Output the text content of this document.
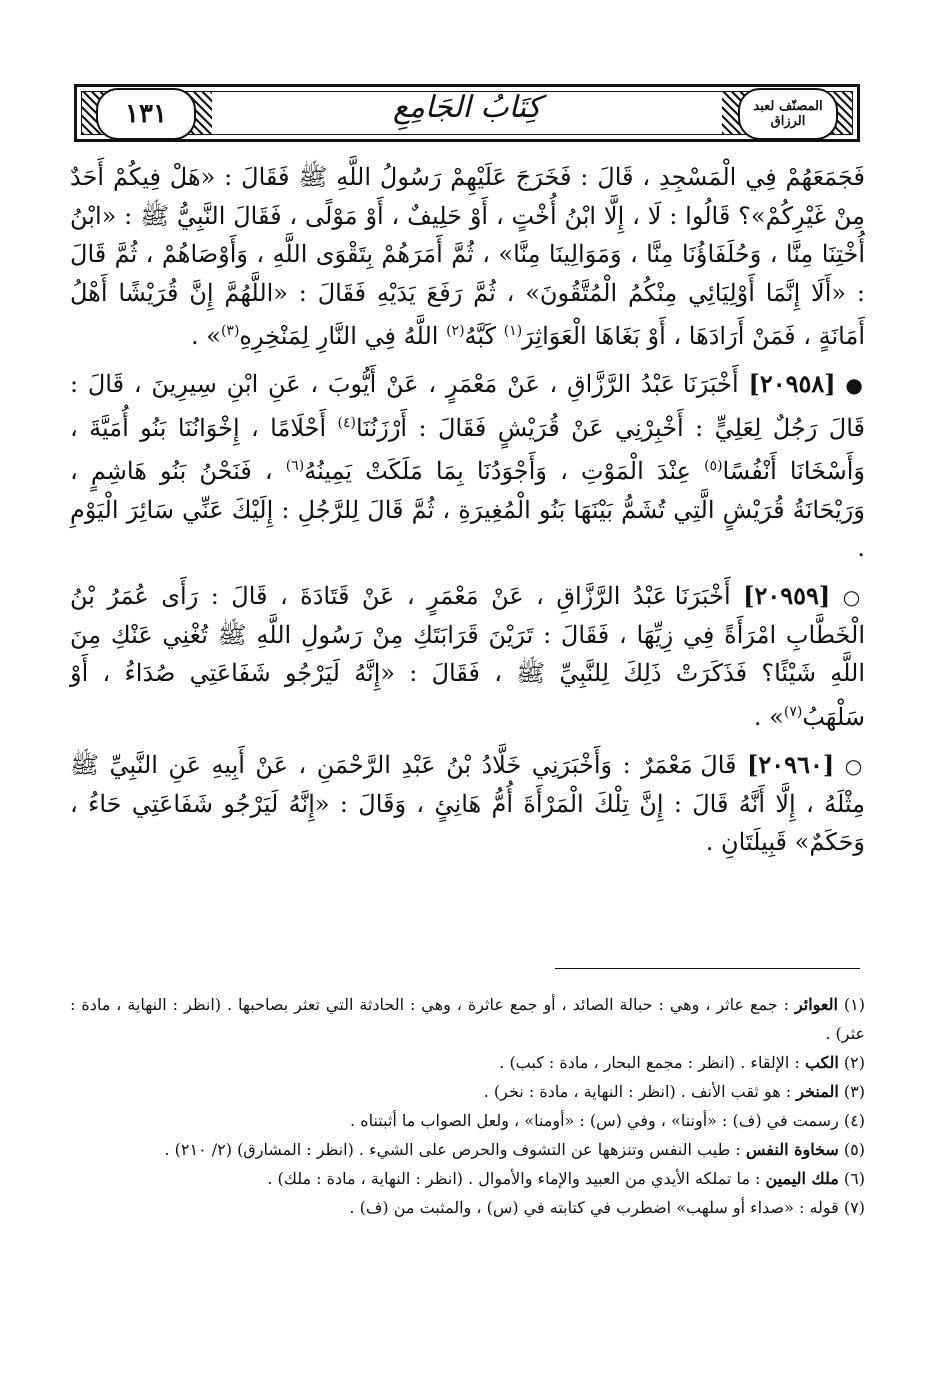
١٣١	كِتَابُ الجَامِعِ	المصنّف لعبد الرزاق

فَجَمَعَهُمْ فِي الْمَسْجِدِ ، قَالَ : فَخَرَجَ عَلَيْهِمْ رَسُولُ اللَّهِ ﷺ فَقَالَ : «هَلْ فِيكُمْ أَحَدٌ مِنْ غَيْرِكُمْ»؟ قَالُوا : لَا ، إِلَّا ابْنُ أُخْتٍ ، أَوْ حَلِيفٌ ، أَوْ مَوْلًى ، فَقَالَ النَّبِيُّ ﷺ : «ابْنُ أُخْتِنَا مِنَّا ، وَحُلَفَاؤُنَا مِنَّا ، وَمَوَالِينَا مِنَّا» ، ثُمَّ أَمَرَهُمْ بِتَقْوَى اللَّهِ ، وَأَوْصَاهُمْ ، ثُمَّ قَالَ : «أَلَا إِنَّمَا أَوْلِيَائِي مِنْكُمُ الْمُتَّقُونَ» ، ثُمَّ رَفَعَ يَدَيْهِ فَقَالَ : «اللَّهُمَّ إِنَّ قُرَيْشًا أَهْلُ أَمَانَةٍ ، فَمَنْ أَرَادَهَا ، أَوْ بَغَاهَا الْعَوَاثِرَ$^{(١)}$ كَبَّهُ$^{(٢)}$ اللَّهُ فِي النَّارِ لِمَنْخِرِهِ$^{(٣)}$» .

● [٢٠٩٥٨] أَخْبَرَنَا عَبْدُ الرَّزَّاقِ ، عَنْ مَعْمَرٍ ، عَنْ أَيُّوبَ ، عَنِ ابْنِ سِيرِينَ ، قَالَ : قَالَ رَجُلٌ لِعَلِيٍّ : أَخْبِرْنِي عَنْ قُرَيْشٍ فَقَالَ : أَرْزَنُنَا$^{(٤)}$ أَحْلَامًا ، إِخْوَانُنَا بَنُو أُمَيَّةَ ، وَأَسْخَانَا أَنْفُسًا$^{(٥)}$ عِنْدَ الْمَوْتِ ، وَأَجْوَدُنَا بِمَا مَلَكَتْ يَمِينُهُ$^{(٦)}$ ، فَنَحْنُ بَنُو هَاشِمٍ ، وَرَيْحَانَةُ قُرَيْشٍ الَّتِي تُشَمُّ بَيْنَهَا بَنُو الْمُغِيرَةِ ، ثُمَّ قَالَ لِلرَّجُلِ : إِلَيْكَ عَنِّي سَائِرَ الْيَوْمِ .

○ [٢٠٩٥٩] أَخْبَرَنَا عَبْدُ الرَّزَّاقِ ، عَنْ مَعْمَرٍ ، عَنْ قَتَادَةَ ، قَالَ : رَأَى عُمَرُ بْنُ الْخَطَّابِ امْرَأَةً فِي زِيِّهَا ، فَقَالَ : تَرَيْنَ قَرَابَتَكِ مِنْ رَسُولِ اللَّهِ ﷺ تُغْنِي عَنْكِ مِنَ اللَّهِ شَيْئًا؟ فَذَكَرَتْ ذَلِكَ لِلنَّبِيِّ ﷺ ، فَقَالَ : «إِنَّهُ لَيَرْجُو شَفَاعَتِي صُدَاءُ ، أَوْ سَلْهَبُ$^{(٧)}$» .

○ [٢٠٩٦٠] قَالَ مَعْمَرٌ : وَأَخْبَرَنِي خَلَّادُ بْنُ عَبْدِ الرَّحْمَنِ ، عَنْ أَبِيهِ عَنِ النَّبِيِّ ﷺ مِثْلَهُ ، إِلَّا أَنَّهُ قَالَ : إِنَّ تِلْكَ الْمَرْأَةَ أُمُّ هَانِئٍ ، وَقَالَ : «إِنَّهُ لَيَرْجُو شَفَاعَتِي حَاءُ ، وَحَكَمٌ» قَبِيلَتَانِ .

(١) العوائر : جمع عاثر ، وهي : حبالة الصائد ، أو جمع عاثرة ، وهي : الحادثة التي تعثر بصاحبها . (انظر : النهاية ، مادة : عثر) .

(٢) الكب : الإلقاء . (انظر : مجمع البحار ، مادة : كبب) .

(٣) المنخر : هو ثقب الأنف . (انظر : النهاية ، مادة : نخر) .

(٤) رسمت في (ف) : «أوننا» ، وفي (س) : «أومنا» ، ولعل الصواب ما أثبتناه .

(٥) سخاوة النفس : طيب النفس وتنزهها عن التشوف والحرص على الشيء . (انظر : المشارق) (٢/ ٢١٠) .

(٦) ملك اليمين : ما تملكه الأيدي من العبيد والإماء والأموال . (انظر : النهاية ، مادة : ملك) .

(٧) قوله : «صداء أو سلهب» اضطرب في كتابته في (س) ، والمثبت من (ف) .
